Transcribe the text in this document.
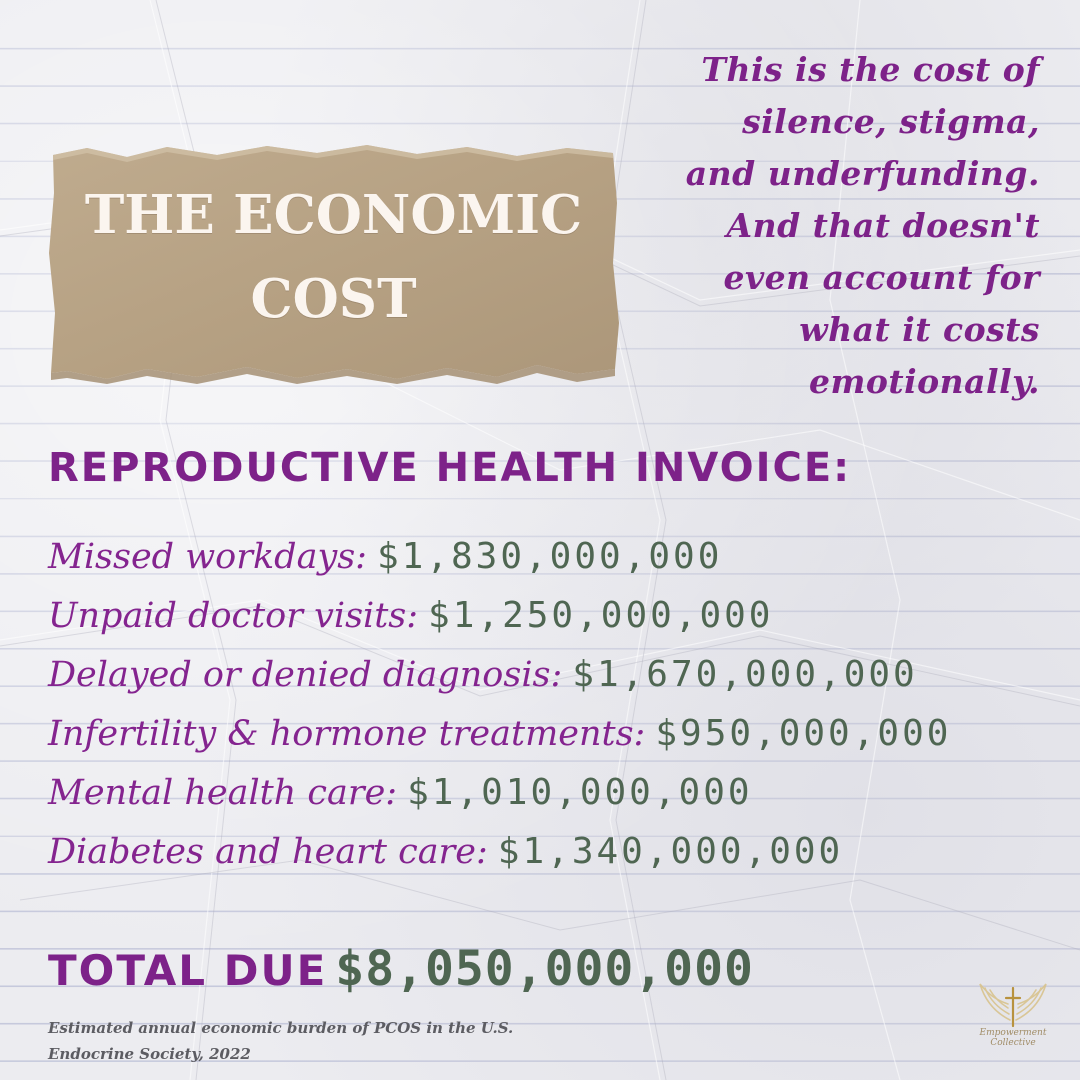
THE ECONOMIC
COST
This is the cost of
silence, stigma,
and underfunding.
And that doesn't
even account for
what it costs
emotionally.
REPRODUCTIVE HEALTH INVOICE:
Missed workdays: $1,830,000,000
Unpaid doctor visits: $1,250,000,000
Delayed or denied diagnosis: $1,670,000,000
Infertility & hormone treatments: $950,000,000
Mental health care: $1,010,000,000
Diabetes and heart care: $1,340,000,000
TOTAL DUE $8,050,000,000
Estimated annual economic burden of PCOS in the U.S.
Endocrine Society, 2022
Empowerment Collective
